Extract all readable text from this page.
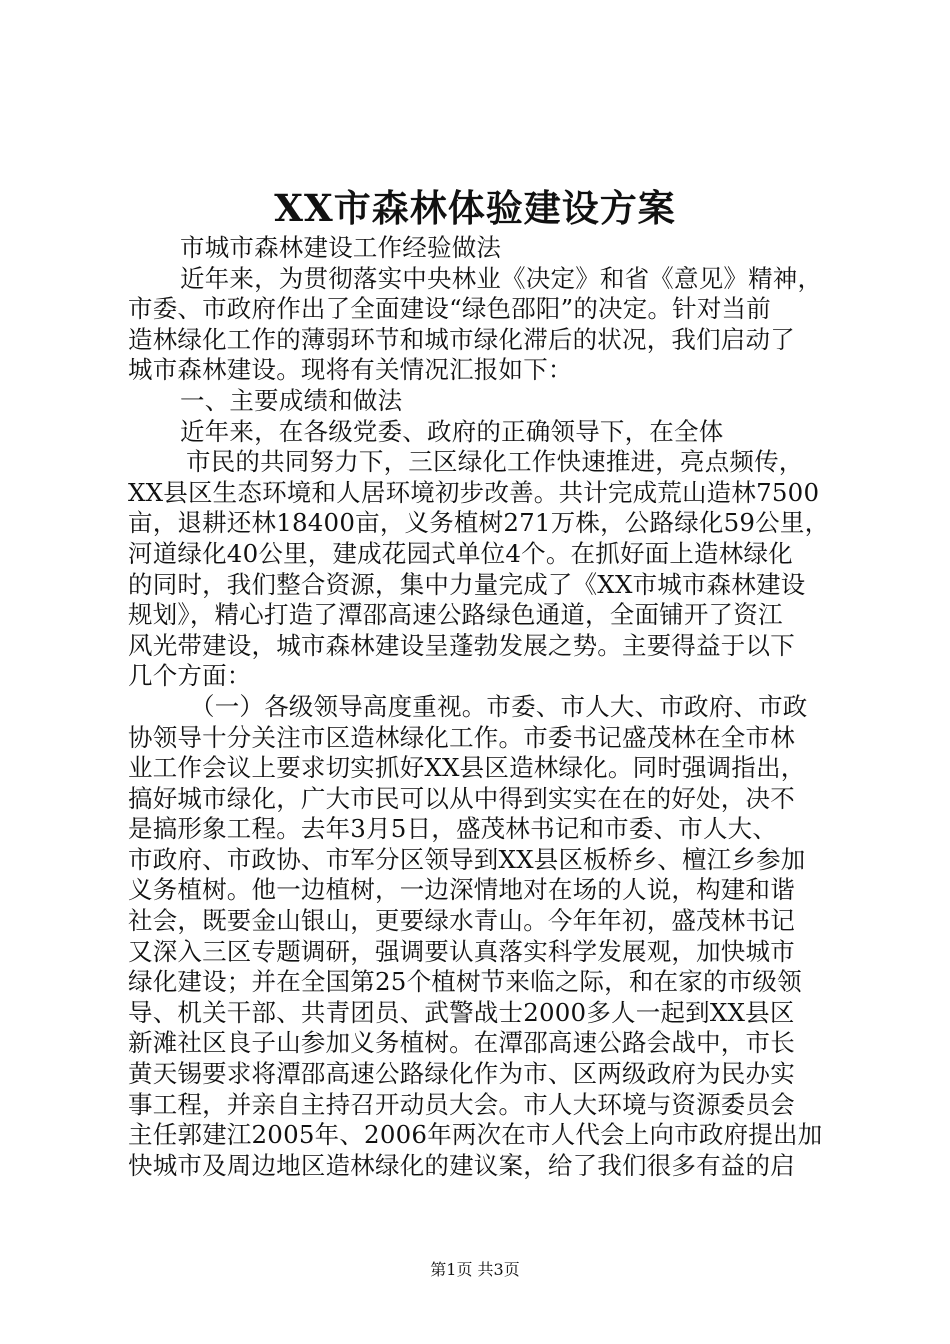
XX市森林体验建设方案
市城市森林建设工作经验做法
近年来，为贯彻落实中央林业《决定》和省《意见》精神，
市委、市政府作出了全面建设“绿色邵阳”的决定。针对当前
造林绿化工作的薄弱环节和城市绿化滞后的状况，我们启动了
城市森林建设。现将有关情况汇报如下：
一、主要成绩和做法
近年来，在各级党委、政府的正确领导下，在全体
市民的共同努力下，三区绿化工作快速推进，亮点频传，
XX县区生态环境和人居环境初步改善。共计完成荒山造林7500
亩，退耕还林18400亩，义务植树271万株，公路绿化59公里，
河道绿化40公里，建成花园式单位4个。在抓好面上造林绿化
的同时，我们整合资源，集中力量完成了《XX市城市森林建设
规划》，精心打造了潭邵高速公路绿色通道，全面铺开了资江
风光带建设，城市森林建设呈蓬勃发展之势。主要得益于以下
几个方面：
（一）各级领导高度重视。市委、市人大、市政府、市政
协领导十分关注市区造林绿化工作。市委书记盛茂林在全市林
业工作会议上要求切实抓好XX县区造林绿化。同时强调指出，
搞好城市绿化，广大市民可以从中得到实实在在的好处，决不
是搞形象工程。去年3月5日，盛茂林书记和市委、市人大、
市政府、市政协、市军分区领导到XX县区板桥乡、檀江乡参加
义务植树。他一边植树，一边深情地对在场的人说，构建和谐
社会，既要金山银山，更要绿水青山。今年年初，盛茂林书记
又深入三区专题调研，强调要认真落实科学发展观，加快城市
绿化建设；并在全国第25个植树节来临之际，和在家的市级领
导、机关干部、共青团员、武警战士2000多人一起到XX县区
新滩社区良子山参加义务植树。在潭邵高速公路会战中，市长
黄天锡要求将潭邵高速公路绿化作为市、区两级政府为民办实
事工程，并亲自主持召开动员大会。市人大环境与资源委员会
主任郭建江2005年、2006年两次在市人代会上向市政府提出加
快城市及周边地区造林绿化的建议案，给了我们很多有益的启
第1页 共3页
